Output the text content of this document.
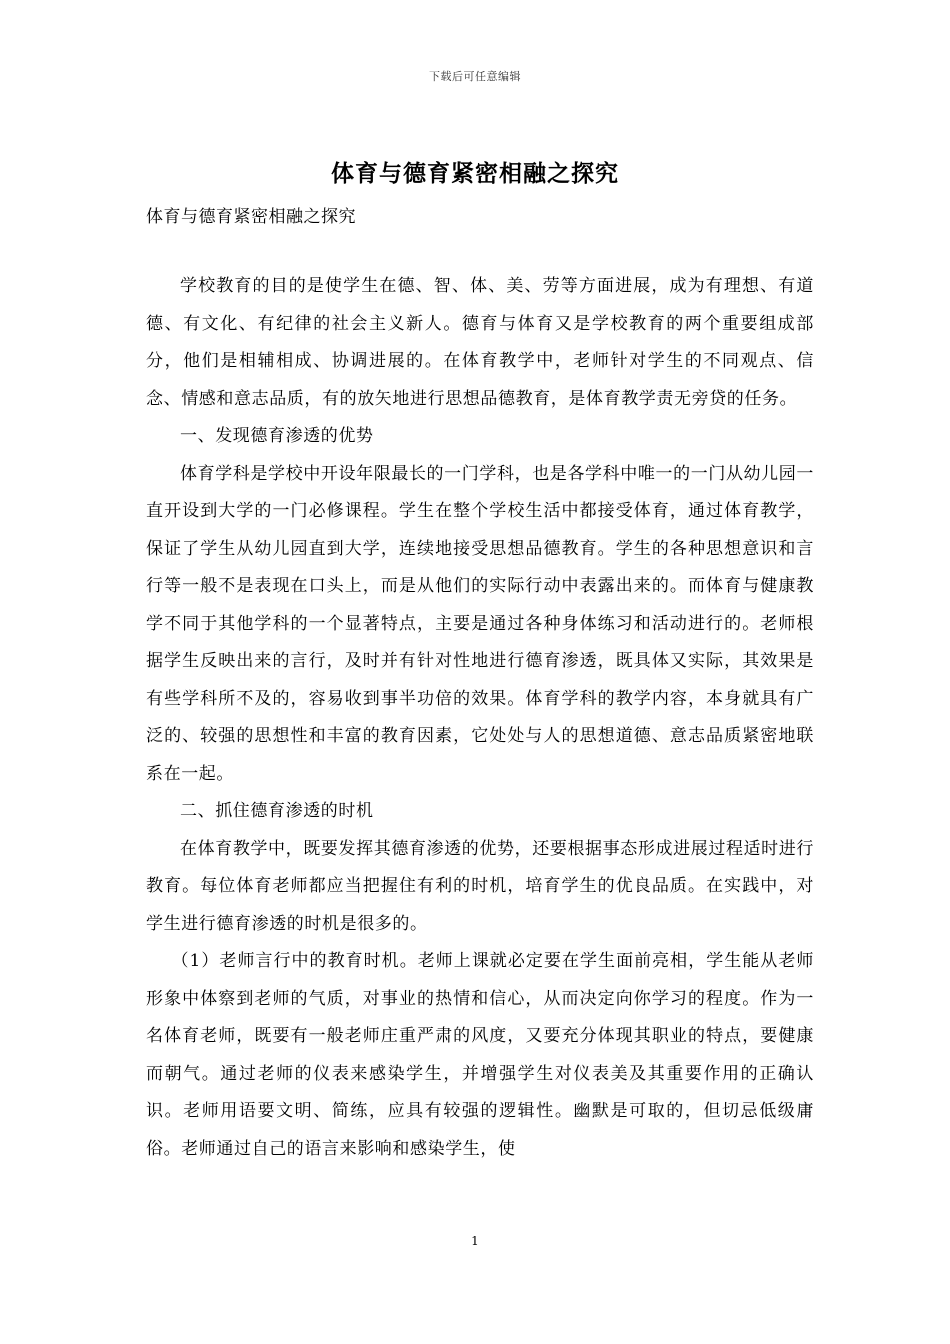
下载后可任意编辑
体育与德育紧密相融之探究
体育与德育紧密相融之探究

学校教育的目的是使学生在德、智、体、美、劳等方面进展，成为有理想、有道德、有文化、有纪律的社会主义新人。德育与体育又是学校教育的两个重要组成部分，他们是相辅相成、协调进展的。在体育教学中，老师针对学生的不同观点、信念、情感和意志品质，有的放矢地进行思想品德教育，是体育教学责无旁贷的任务。

一、发现德育渗透的优势

体育学科是学校中开设年限最长的一门学科，也是各学科中唯一的一门从幼儿园一直开设到大学的一门必修课程。学生在整个学校生活中都接受体育，通过体育教学，保证了学生从幼儿园直到大学，连续地接受思想品德教育。学生的各种思想意识和言行等一般不是表现在口头上，而是从他们的实际行动中表露出来的。而体育与健康教学不同于其他学科的一个显著特点，主要是通过各种身体练习和活动进行的。老师根据学生反映出来的言行，及时并有针对性地进行德育渗透，既具体又实际，其效果是有些学科所不及的，容易收到事半功倍的效果。体育学科的教学内容，本身就具有广泛的、较强的思想性和丰富的教育因素，它处处与人的思想道德、意志品质紧密地联系在一起。

二、抓住德育渗透的时机

在体育教学中，既要发挥其德育渗透的优势，还要根据事态形成进展过程适时进行教育。每位体育老师都应当把握住有利的时机，培育学生的优良品质。在实践中，对学生进行德育渗透的时机是很多的。

（1）老师言行中的教育时机。老师上课就必定要在学生面前亮相，学生能从老师形象中体察到老师的气质，对事业的热情和信心，从而决定向你学习的程度。作为一名体育老师，既要有一般老师庄重严肃的风度，又要充分体现其职业的特点，要健康而朝气。通过老师的仪表来感染学生，并增强学生对仪表美及其重要作用的正确认识。老师用语要文明、简练，应具有较强的逻辑性。幽默是可取的，但切忌低级庸俗。老师通过自己的语言来影响和感染学生，使

1
